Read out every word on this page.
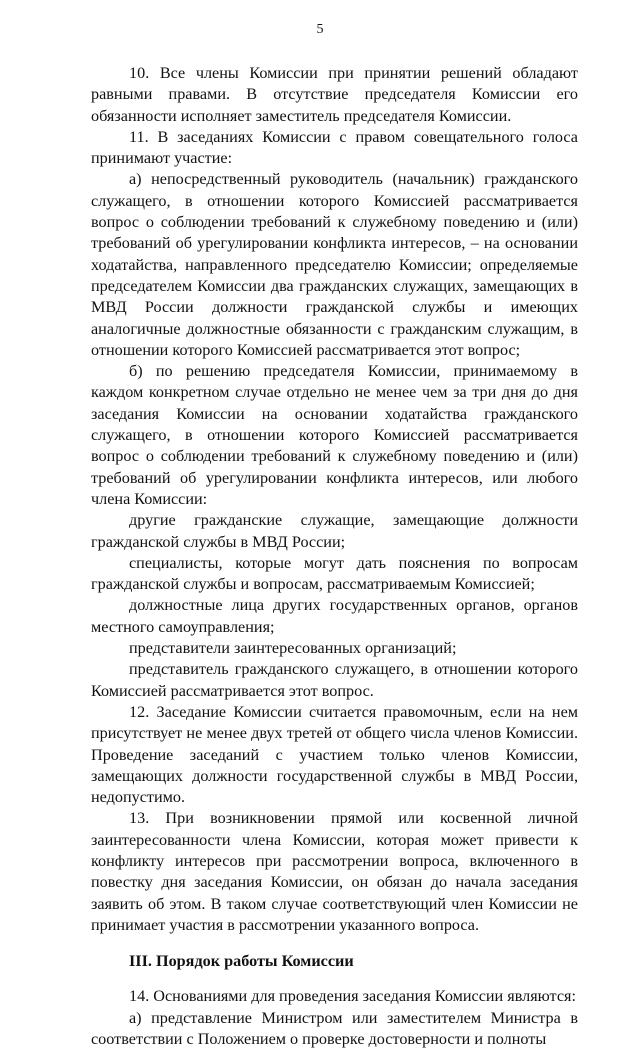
5

10. Все члены Комиссии при принятии решений обладают равными правами. В отсутствие председателя Комиссии его обязанности исполняет заместитель председателя Комиссии.

11. В заседаниях Комиссии с правом совещательного голоса принимают участие:

а) непосредственный руководитель (начальник) гражданского служащего, в отношении которого Комиссией рассматривается вопрос о соблюдении требований к служебному поведению и (или) требований об урегулировании конфликта интересов, – на основании ходатайства, направленного председателю Комиссии; определяемые председателем Комиссии два гражданских служащих, замещающих в МВД России должности гражданской службы и имеющих аналогичные должностные обязанности с гражданским служащим, в отношении которого Комиссией рассматривается этот вопрос;

б) по решению председателя Комиссии, принимаемому в каждом конкретном случае отдельно не менее чем за три дня до дня заседания Комиссии на основании ходатайства гражданского служащего, в отношении которого Комиссией рассматривается вопрос о соблюдении требований к служебному поведению и (или) требований об урегулировании конфликта интересов, или любого члена Комиссии:

другие гражданские служащие, замещающие должности гражданской службы в МВД России;

специалисты, которые могут дать пояснения по вопросам гражданской службы и вопросам, рассматриваемым Комиссией;

должностные лица других государственных органов, органов местного самоуправления;

представители заинтересованных организаций;

представитель гражданского служащего, в отношении которого Комиссией рассматривается этот вопрос.

12. Заседание Комиссии считается правомочным, если на нем присутствует не менее двух третей от общего числа членов Комиссии. Проведение заседаний с участием только членов Комиссии, замещающих должности государственной службы в МВД России, недопустимо.

13. При возникновении прямой или косвенной личной заинтересованности члена Комиссии, которая может привести к конфликту интересов при рассмотрении вопроса, включенного в повестку дня заседания Комиссии, он обязан до начала заседания заявить об этом. В таком случае соответствующий член Комиссии не принимает участия в рассмотрении указанного вопроса.

III. Порядок работы Комиссии

14. Основаниями для проведения заседания Комиссии являются:

а) представление Министром или заместителем Министра в соответствии с Положением о проверке достоверности и полноты
